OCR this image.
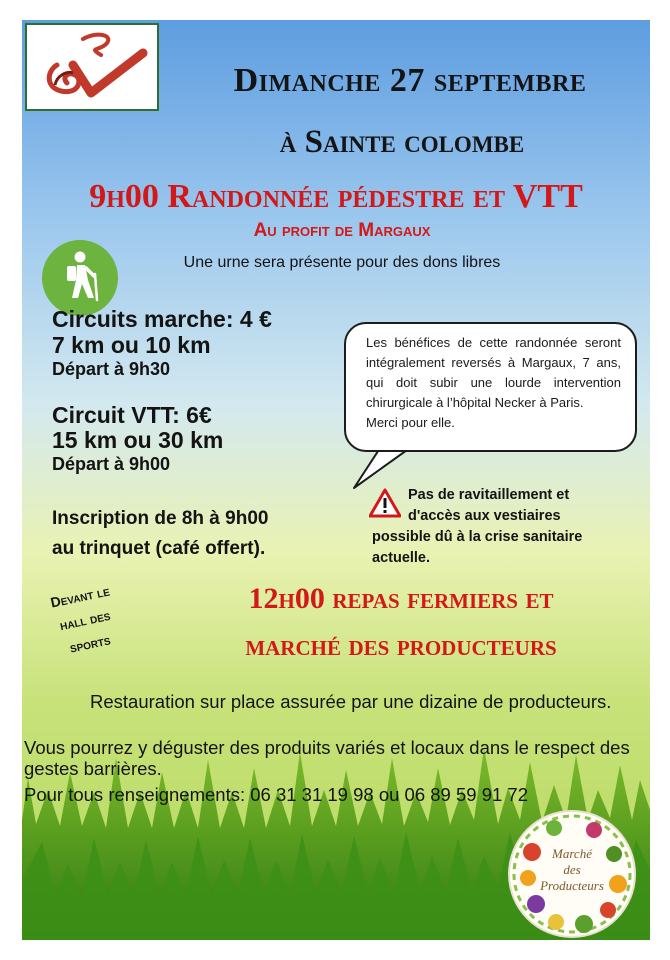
Dimanche 27 septembre
à Sainte colombe
9h00 Randonnée pédestre et VTT

Au profit de Margaux

Une urne sera présente pour des dons libres

Circuits marche: 4 €

7 km ou 10 km

Départ à 9h30

Circuit VTT: 6€

15 km ou 30 km

Départ à 9h00

Inscription de 8h à 9h00

au trinquet (café offert).

Les bénéfices de cette randonnée seront intégralement reversés à Margaux, 7 ans, qui doit subir une lourde intervention chirurgicale à l’hôpital Necker à Paris.

Merci pour elle.

Pas de ravitaillement et
d'accès aux vestiaires
possible dû à la crise sanitaire actuelle.
Devant le
hall des
sports

12h00 repas fermiers et

marché des producteurs

Restauration sur place assurée par une dizaine de producteurs.

Vous pourrez y déguster des produits variés et locaux dans le respect des gestes barrières.

Pour tous renseignements: 06 31 31 19 98 ou 06 89 59 91 72

Marché
des
Producteurs
